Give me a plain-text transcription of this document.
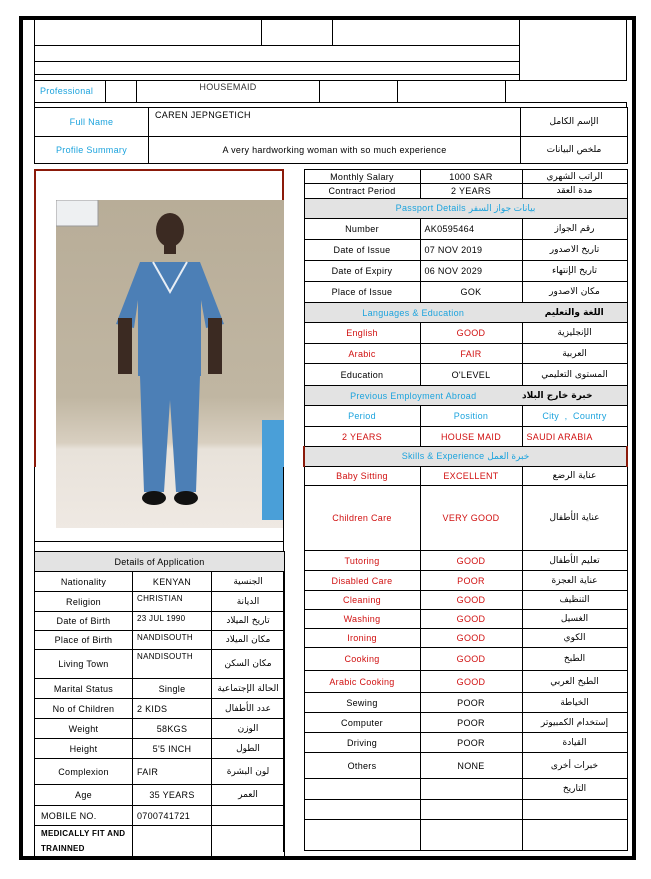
Professional	HOUSEMAID
Full Name	CAREN JEPNGETICH	الإسم الكامل
Profile Summary	A very hardworking woman with so much experience	ملخص البيانات
Monthly Salary	1000 SAR	الراتب الشهري
Contract Period	2 YEARS	مدة العقد
Passport Details بيانات جواز السفر		
Number	AK0595464	رقم الجواز
Date of Issue	07 NOV 2019	تاريخ الاصدور
Date of Expiry	06 NOV 2029	تاريخ الإنتهاء
Place of Issue	GOK	مكان الاصدور
Languages & Education		اللغة والتعليم
English	GOOD	الإنجليزية
Arabic	FAIR	العربية
Education	O'LEVEL	المستوى التعليمي
Previous Employment Abroad		خبرة خارج البلاد
Period	Position	City  ,  Country
2 YEARS	HOUSE MAID	SAUDI ARABIA
Skills & Experience خبرة العمل		
Baby Sitting	EXCELLENT	عناية الرضع
Children Care	VERY GOOD	عناية الأطفال
Tutoring	GOOD	تعليم الأطفال
Disabled Care	POOR	عناية العجزة
Cleaning	GOOD	التنظيف
Washing	GOOD	الغسيل
Ironing	GOOD	الكوي
Cooking	GOOD	الطبخ
Arabic Cooking	GOOD	الطبخ العربي
Sewing	POOR	الخياطة
Computer	POOR	إستخدام الكمبيوتر
Driving	POOR	القيادة
Others	NONE	خبرات أخرى
		التاريخ

Details of Application		
Nationality	KENYAN	الجنسية
Religion	CHRISTIAN	الديانة
Date of Birth	23 JUL 1990	تاريخ الميلاد
Place of Birth	NANDISOUTH	مكان الميلاد
Living Town	NANDISOUTH	مكان السكن
Marital Status	Single	الحالة الإجتماعية
No of Children	2 KIDS	عدد الأطفال
Weight	58KGS	الوزن
Height	5'5 INCH	الطول
Complexion	FAIR	لون البشرة
Age	35 YEARS	العمر
MOBILE NO.	0700741721	
MEDICALLY FIT AND TRAINNED		
